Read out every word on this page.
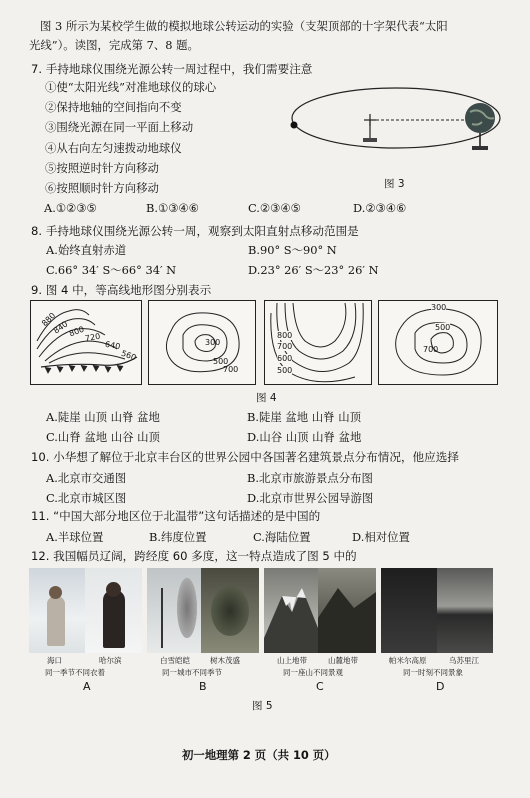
图 3 所示为某校学生做的模拟地球公转运动的实验（支架顶部的十字架代表“太阳
光线”）。读图，完成第 7、8 题。
7. 手持地球仪围绕光源公转一周过程中，我们需要注意
①使“太阳光线”对准地球仪的球心
②保持地轴的空间指向不变
③围绕光源在同一平面上移动
④从右向左匀速拨动地球仪
⑤按照逆时针方向移动
⑥按照顺时针方向移动
A.①②③⑤	B.①③④⑥	C.②③④⑤	D.②③④⑥
图 3
8. 手持地球仪围绕光源公转一周，观察到太阳直射点移动范围是
A.始终直射赤道	B.90° S～90° N
C.66° 34′ S～66° 34′ N	D.23° 26′ S～23° 26′ N
9. 图 4 中，等高线地形图分别表示
880
840
800
720
640
560
300
500
700
800
700
600
500
300
500
700
图 4
A.陡崖 山顶 山脊 盆地	B.陡崖 盆地 山脊 山顶
C.山脊 盆地 山谷 山顶	D.山谷 山顶 山脊 盆地
10. 小华想了解位于北京丰台区的世界公园中各国著名建筑景点分布情况，他应选择
A.北京市交通图	B.北京市旅游景点分布图
C.北京市城区图	D.北京市世界公园导游图
11. “中国大部分地区位于北温带”这句话描述的是中国的
A.半球位置	B.纬度位置	C.海陆位置	D.相对位置
12. 我国幅员辽阔，跨经度 60 多度，这一特点造成了图 5 中的
海口	哈尔滨
同一季节不同衣着
A
白雪皑皑	树木茂盛
同一城市不同季节
B
山上地带	山麓地带
同一座山不同景观
C
帕米尔高原	乌苏里江
同一时刻不同景象
D
图 5
初一地理第 2 页（共 10 页）
